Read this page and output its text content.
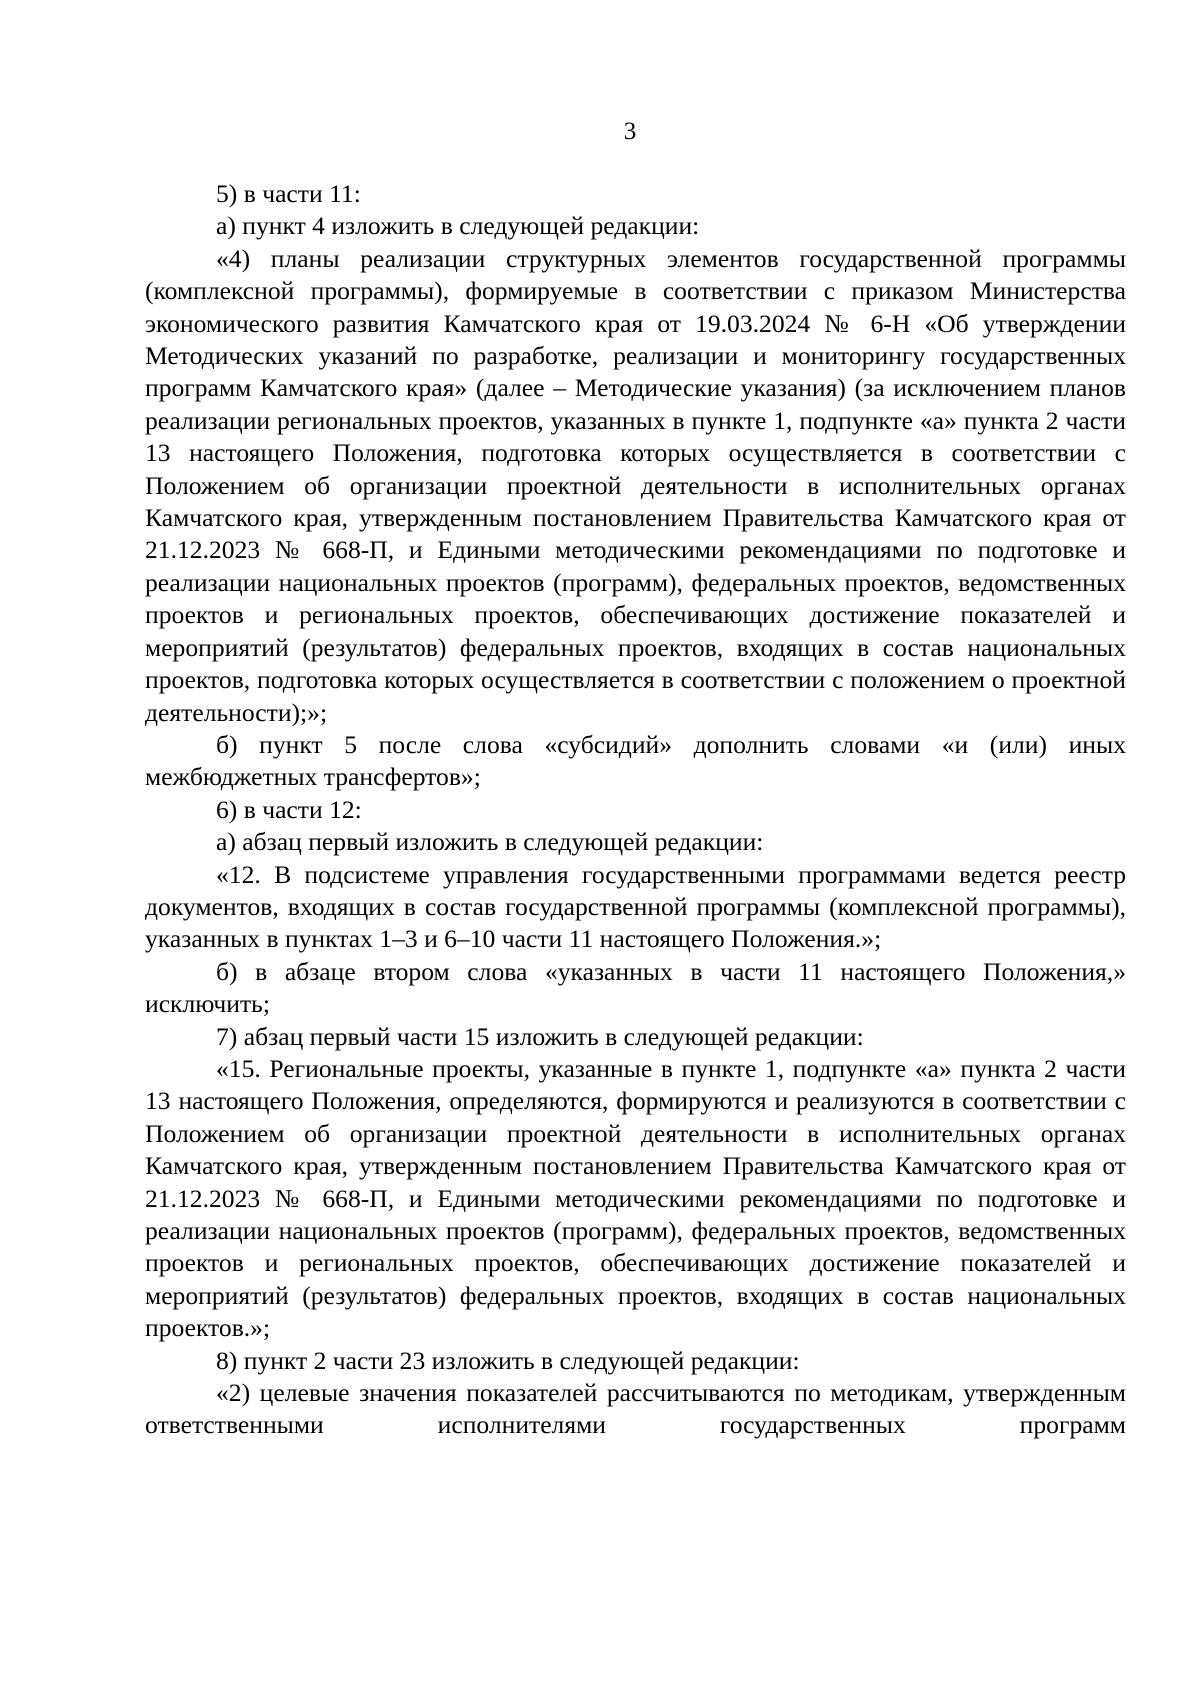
3

5) в части 11:

а) пункт 4 изложить в следующей редакции:

«4) планы реализации структурных элементов государственной программы (комплексной программы), формируемые в соответствии с приказом Министерства экономического развития Камчатского края от 19.03.2024 № 6-Н «Об утверждении Методических указаний по разработке, реализации и мониторингу государственных программ Камчатского края» (далее – Методические указания) (за исключением планов реализации региональных проектов, указанных в пункте 1, подпункте «а» пункта 2 части 13 настоящего Положения, подготовка которых осуществляется в соответствии с Положением об организации проектной деятельности в исполнительных органах Камчатского края, утвержденным постановлением Правительства Камчатского края от 21.12.2023 № 668-П, и Едиными методическими рекомендациями по подготовке и реализации национальных проектов (программ), федеральных проектов, ведомственных проектов и региональных проектов, обеспечивающих достижение показателей и мероприятий (результатов) федеральных проектов, входящих в состав национальных проектов, подготовка которых осуществляется в соответствии с положением о проектной деятельности);»;

б) пункт 5 после слова «субсидий» дополнить словами «и (или) иных межбюджетных трансфертов»;

6) в части 12:

а) абзац первый изложить в следующей редакции:

«12. В подсистеме управления государственными программами ведется реестр документов, входящих в состав государственной программы (комплексной программы), указанных в пунктах 1–3 и 6–10 части 11 настоящего Положения.»;

б) в абзаце втором слова «указанных в части 11 настоящего Положения,» исключить;

7) абзац первый части 15 изложить в следующей редакции:

«15. Региональные проекты, указанные в пункте 1, подпункте «а» пункта 2 части 13 настоящего Положения, определяются, формируются и реализуются в соответствии с Положением об организации проектной деятельности в исполнительных органах Камчатского края, утвержденным постановлением Правительства Камчатского края от 21.12.2023 № 668-П, и Едиными методическими рекомендациями по подготовке и реализации национальных проектов (программ), федеральных проектов, ведомственных проектов и региональных проектов, обеспечивающих достижение показателей и мероприятий (результатов) федеральных проектов, входящих в состав национальных проектов.»;

8) пункт 2 части 23 изложить в следующей редакции:

«2) целевые значения показателей рассчитываются по методикам, утвержденным ответственными исполнителями государственных программ
